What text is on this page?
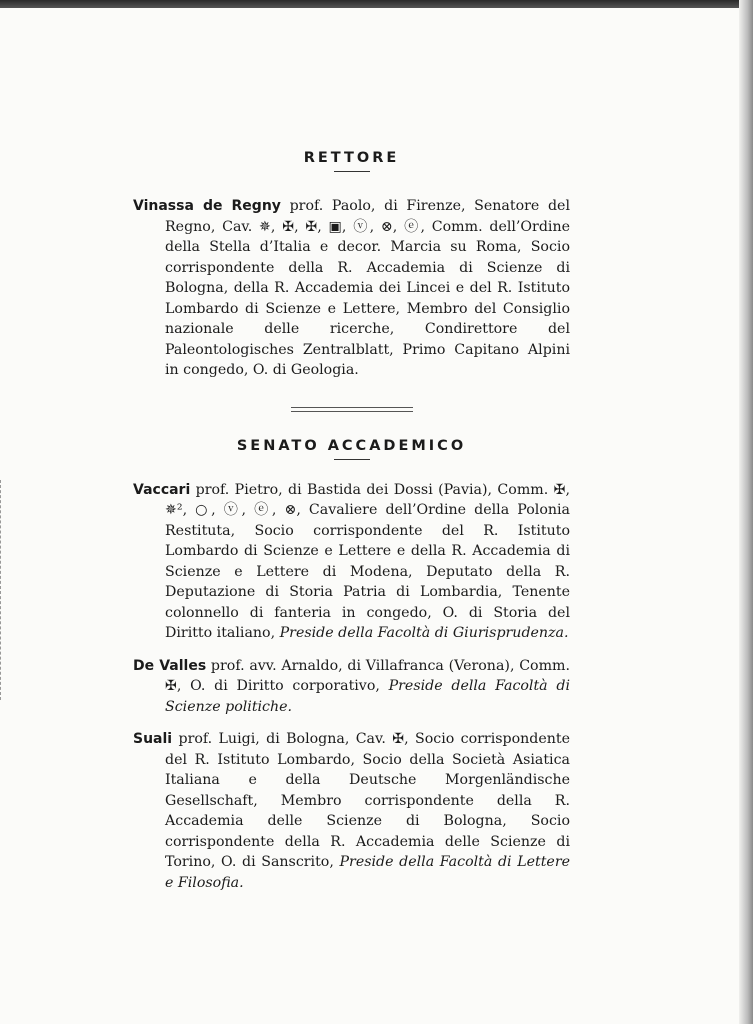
RETTORE

Vinassa de Regny prof. Paolo, di Firenze, Senatore del Regno, Cav. ✵, ✠, ✠, ▣, ⓥ, ⊗, ⓔ, Comm. dell’Ordine della Stella d’Italia e decor. Marcia su Roma, Socio corrispondente della R. Accademia di Scienze di Bologna, della R. Accademia dei Lincei e del R. Istituto Lombardo di Scienze e Lettere, Membro del Consiglio nazionale delle ricerche, Condirettore del Paleontologisches Zentralblatt, Primo Capitano Alpini in congedo, O. di Geologia.

SENATO ACCADEMICO

Vaccari prof. Pietro, di Bastida dei Dossi (Pavia), Comm. ✠, ✵², ○, ⓥ, ⓔ, ⊗, Cavaliere dell’Ordine della Polonia Restituta, Socio corrispondente del R. Istituto Lombardo di Scienze e Lettere e della R. Accademia di Scienze e Lettere di Modena, Deputato della R. Deputazione di Storia Patria di Lombardia, Tenente colonnello di fanteria in congedo, O. di Storia del Diritto italiano, Preside della Facoltà di Giurisprudenza.

De Valles prof. avv. Arnaldo, di Villafranca (Verona), Comm. ✠, O. di Diritto corporativo, Preside della Facoltà di Scienze politiche.

Suali prof. Luigi, di Bologna, Cav. ✠, Socio corrispondente del R. Istituto Lombardo, Socio della Società Asiatica Italiana e della Deutsche Morgenländische Gesellschaft, Membro corrispondente della R. Accademia delle Scienze di Bologna, Socio corrispondente della R. Accademia delle Scienze di Torino, O. di Sanscrito, Preside della Facoltà di Lettere e Filosofia.
